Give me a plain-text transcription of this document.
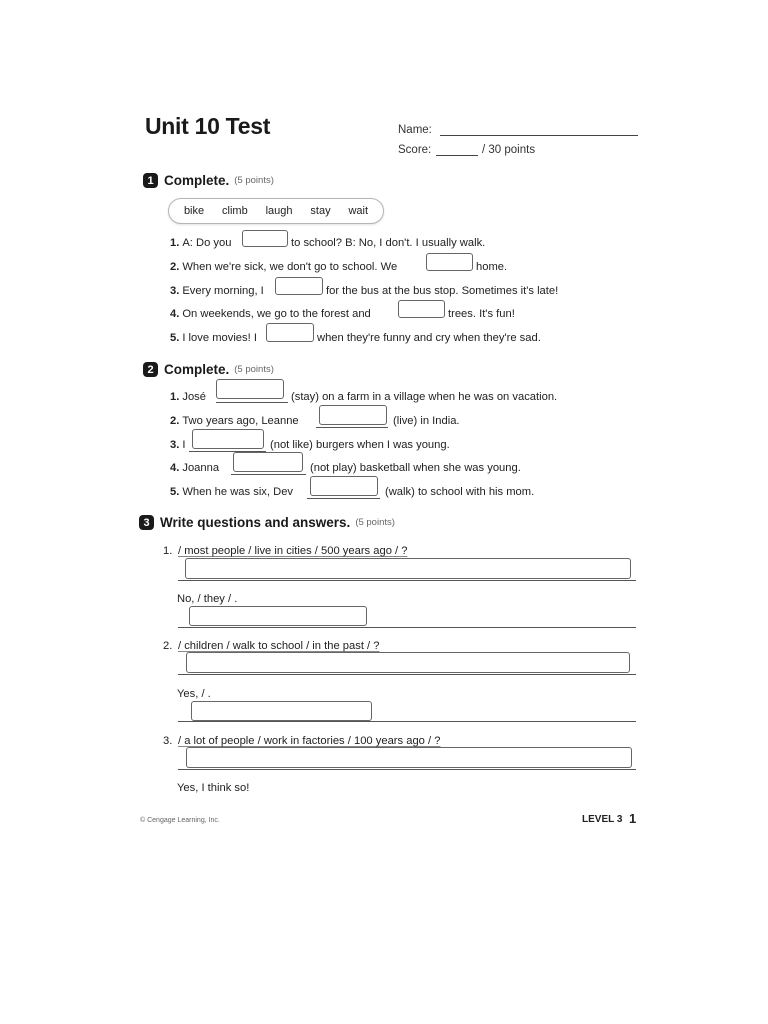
Unit 10 Test	Name:
Score:	/ 30 points
1 Complete. (5 points)
bike climb laugh stay wait
1. A: Do you	to school? B: No, I don't. I usually walk.
2. When we're sick, we don't go to school. We	home.
3. Every morning, I	for the bus at the bus stop. Sometimes it's late!
4. On weekends, we go to the forest and	trees. It's fun!
5. I love movies! I	when they're funny and cry when they're sad.
2 Complete. (5 points)
1. José	(stay) on a farm in a village when he was on vacation.
2. Two years ago, Leanne	(live) in India.
3. I	(not like) burgers when I was young.
4. Joanna	(not play) basketball when she was young.
5. When he was six, Dev	(walk) to school with his mom.
3 Write questions and answers. (5 points)
1. / most people / live in cities / 500 years ago / ?
No, / they / .
2. / children / walk to school / in the past / ?
Yes, / .
3. / a lot of people / work in factories / 100 years ago / ?
Yes, I think so!
© Cengage Learning, Inc.	LEVEL 3 1
